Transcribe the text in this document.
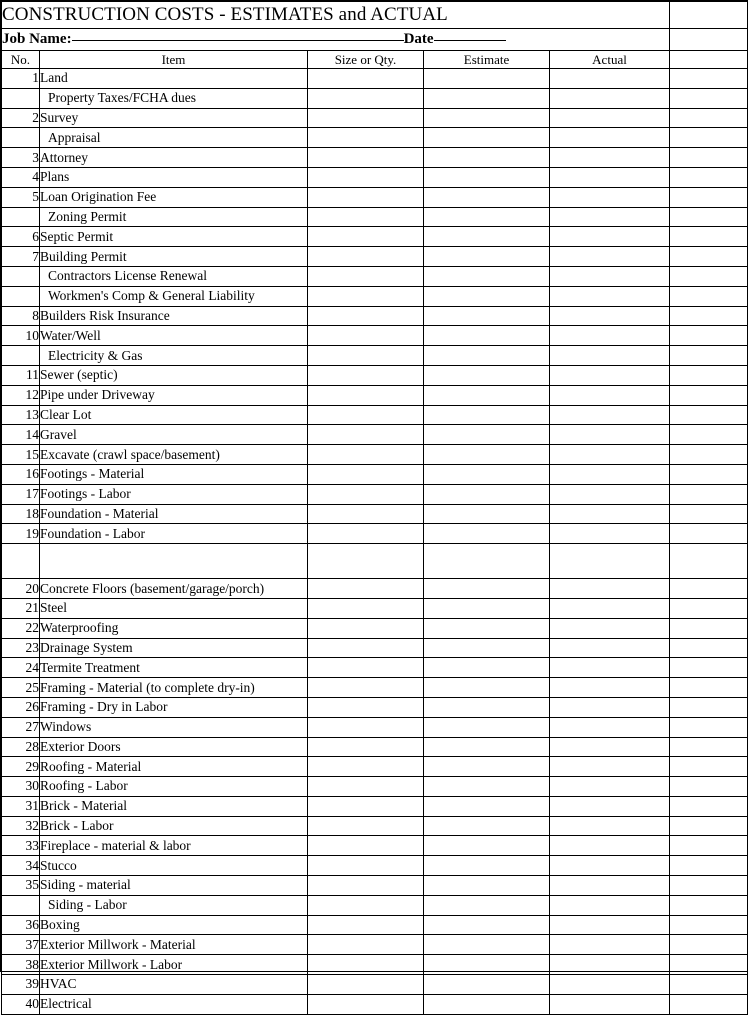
CONSTRUCTION COSTS - ESTIMATES and ACTUAL					
Job Name: Date					
No.	Item	Size or Qty.	Estimate	Actual	
1	Land				
	Property Taxes/FCHA dues				
2	Survey				
	Appraisal				
3	Attorney				
4	Plans				
5	Loan Origination Fee				
	Zoning Permit				
6	Septic Permit				
7	Building Permit				
	Contractors License Renewal				
	Workmen's Comp & General Liability				
8	Builders Risk Insurance				
10	Water/Well				
	Electricity & Gas				
11	Sewer (septic)				
12	Pipe under Driveway				
13	Clear Lot				
14	Gravel				
15	Excavate (crawl space/basement)				
16	Footings - Material				
17	Footings - Labor				
18	Foundation - Material				
19	Foundation - Labor				

20	Concrete Floors (basement/garage/porch)				
21	Steel				
22	Waterproofing				
23	Drainage System				
24	Termite Treatment				
25	Framing - Material (to complete dry-in)				
26	Framing - Dry in Labor				
27	Windows				
28	Exterior Doors				
29	Roofing - Material				
30	Roofing - Labor				
31	Brick - Material				
32	Brick - Labor				
33	Fireplace - material & labor				
34	Stucco				
35	Siding - material				
	Siding - Labor				
36	Boxing				
37	Exterior Millwork - Material				
38	Exterior Millwork - Labor				
39	HVAC				
40	Electrical				
